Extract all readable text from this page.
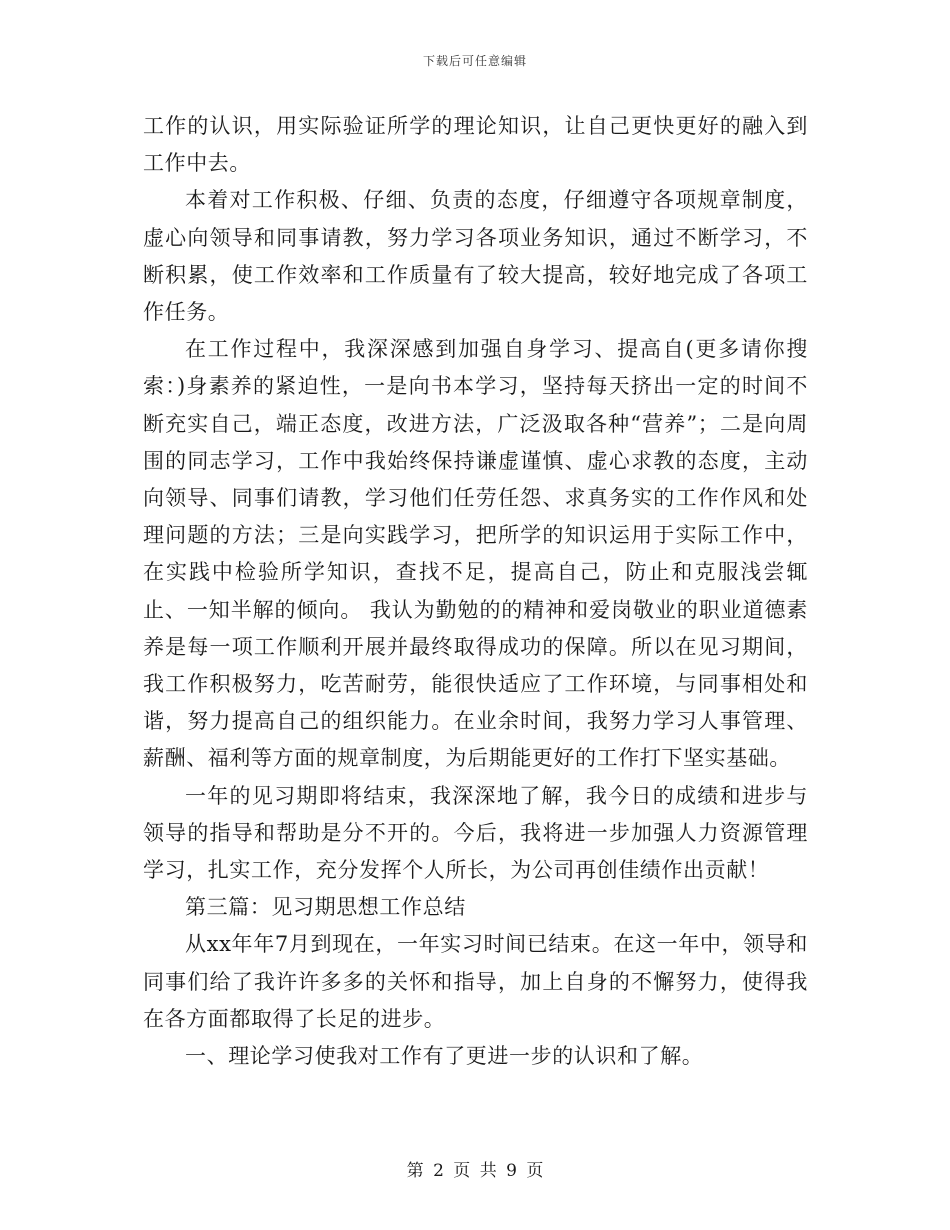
下载后可任意编辑

工作的认识，用实际验证所学的理论知识，让自己更快更好的融入到工作中去。

本着对工作积极、仔细、负责的态度，仔细遵守各项规章制度，虚心向领导和同事请教，努力学习各项业务知识，通过不断学习，不断积累，使工作效率和工作质量有了较大提高，较好地完成了各项工作任务。

在工作过程中，我深深感到加强自身学习、提高自(更多请你搜索：)身素养的紧迫性，一是向书本学习，坚持每天挤出一定的时间不断充实自己，端正态度，改进方法，广泛汲取各种“营养”；二是向周围的同志学习，工作中我始终保持谦虚谨慎、虚心求教的态度，主动向领导、同事们请教，学习他们任劳任怨、求真务实的工作作风和处理问题的方法；三是向实践学习，把所学的知识运用于实际工作中，在实践中检验所学知识，查找不足，提高自己，防止和克服浅尝辄止、一知半解的倾向。 我认为勤勉的的精神和爱岗敬业的职业道德素养是每一项工作顺利开展并最终取得成功的保障。所以在见习期间，我工作积极努力，吃苦耐劳，能很快适应了工作环境，与同事相处和谐，努力提高自己的组织能力。在业余时间，我努力学习人事管理、薪酬、福利等方面的规章制度，为后期能更好的工作打下坚实基础。

一年的见习期即将结束，我深深地了解，我今日的成绩和进步与领导的指导和帮助是分不开的。今后，我将进一步加强人力资源管理学习，扎实工作，充分发挥个人所长，为公司再创佳绩作出贡献！

第三篇：见习期思想工作总结

从xx年年7月到现在，一年实习时间已结束。在这一年中，领导和同事们给了我许许多多的关怀和指导，加上自身的不懈努力，使得我在各方面都取得了长足的进步。

一、理论学习使我对工作有了更进一步的认识和了解。

第 2 页 共 9 页
